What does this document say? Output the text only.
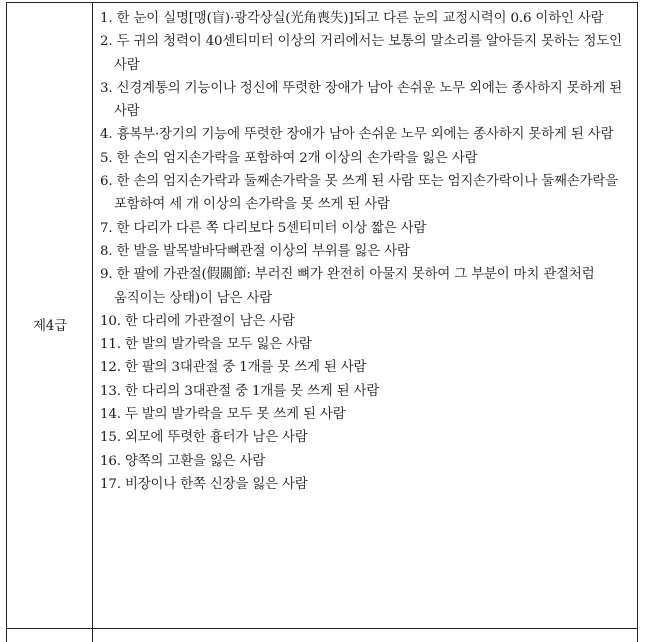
제4급
1. 한 눈이 실명[맹(盲)·광각상실(光角喪失)]되고 다른 눈의 교정시력이 0.6 이하인 사람
2. 두 귀의 청력이 40센티미터 이상의 거리에서는 보통의 말소리를 알아듣지 못하는 정도인 사람
3. 신경계통의 기능이나 정신에 뚜렷한 장애가 남아 손쉬운 노무 외에는 종사하지 못하게 된 사람
4. 흉복부·장기의 기능에 뚜렷한 장애가 남아 손쉬운 노무 외에는 종사하지 못하게 된 사람
5. 한 손의 엄지손가락을 포함하여 2개 이상의 손가락을 잃은 사람
6. 한 손의 엄지손가락과 둘째손가락을 못 쓰게 된 사람 또는 엄지손가락이나 둘째손가락을 포함하여 세 개 이상의 손가락을 못 쓰게 된 사람
7. 한 다리가 다른 쪽 다리보다 5센티미터 이상 짧은 사람
8. 한 발을 발목발바닥뼈관절 이상의 부위를 잃은 사람
9. 한 팔에 가관절(假關節: 부러진 뼈가 완전히 아물지 못하여 그 부분이 마치 관절처럼 움직이는 상태)이 남은 사람
10. 한 다리에 가관절이 남은 사람
11. 한 발의 발가락을 모두 잃은 사람
12. 한 팔의 3대관절 중 1개를 못 쓰게 된 사람
13. 한 다리의 3대관절 중 1개를 못 쓰게 된 사람
14. 두 발의 발가락을 모두 못 쓰게 된 사람
15. 외모에 뚜렷한 흉터가 남은 사람
16. 양쪽의 고환을 잃은 사람
17. 비장이나 한쪽 신장을 잃은 사람
